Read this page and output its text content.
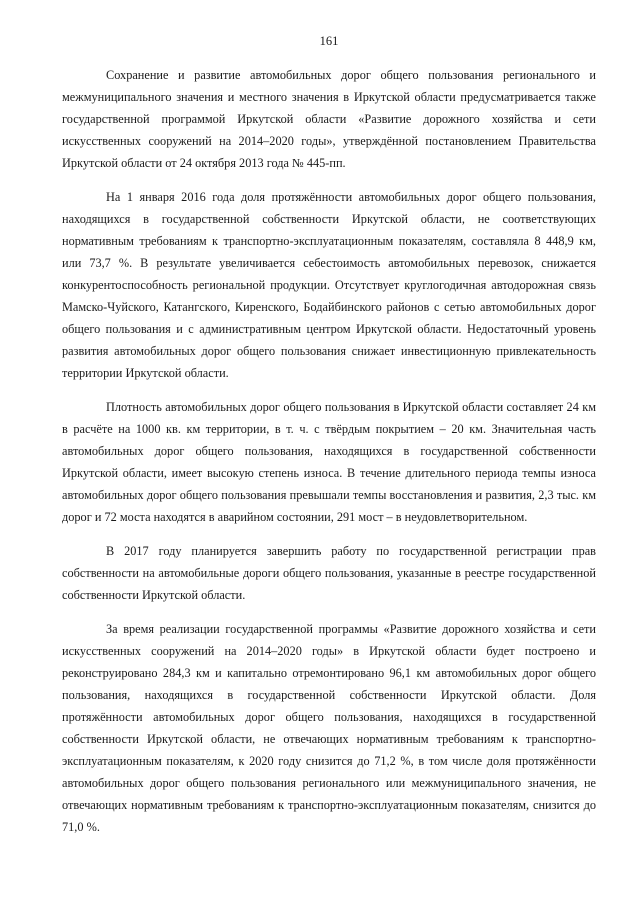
161

Сохранение и развитие автомобильных дорог общего пользования регионального и межмуниципального значения и местного значения в Иркутской области предусматривается также государственной программой Иркутской области «Развитие дорожного хозяйства и сети искусственных сооружений на 2014–2020 годы», утверждённой постановлением Правительства Иркутской области от 24 октября 2013 года № 445-пп.

На 1 января 2016 года доля протяжённости автомобильных дорог общего пользования, находящихся в государственной собственности Иркутской области, не соответствующих нормативным требованиям к транспортно-эксплуатационным показателям, составляла 8 448,9 км, или 73,7 %. В результате увеличивается себестоимость автомобильных перевозок, снижается конкурентоспособность региональной продукции. Отсутствует круглогодичная автодорожная связь Мамско-Чуйского, Катангского, Киренского, Бодайбинского районов с сетью автомобильных дорог общего пользования и с административным центром Иркутской области. Недостаточный уровень развития автомобильных дорог общего пользования снижает инвестиционную привлекательность территории Иркутской области.

Плотность автомобильных дорог общего пользования в Иркутской области составляет 24 км в расчёте на 1000 кв. км территории, в т. ч. с твёрдым покрытием – 20 км. Значительная часть автомобильных дорог общего пользования, находящихся в государственной собственности Иркутской области, имеет высокую степень износа. В течение длительного периода темпы износа автомобильных дорог общего пользования превышали темпы восстановления и развития, 2,3 тыс. км дорог и 72 моста находятся в аварийном состоянии, 291 мост – в неудовлетворительном.

В 2017 году планируется завершить работу по государственной регистрации прав собственности на автомобильные дороги общего пользования, указанные в реестре государственной собственности Иркутской области.

За время реализации государственной программы «Развитие дорожного хозяйства и сети искусственных сооружений на 2014–2020 годы» в Иркутской области будет построено и реконструировано 284,3 км и капитально отремонтировано 96,1 км автомобильных дорог общего пользования, находящихся в государственной собственности Иркутской области. Доля протяжённости автомобильных дорог общего пользования, находящихся в государственной собственности Иркутской области, не отвечающих нормативным требованиям к транспортно-эксплуатационным показателям, к 2020 году снизится до 71,2 %, в том числе доля протяжённости автомобильных дорог общего пользования регионального или межмуниципального значения, не отвечающих нормативным требованиям к транспортно-эксплуатационным показателям, снизится до 71,0 %.
